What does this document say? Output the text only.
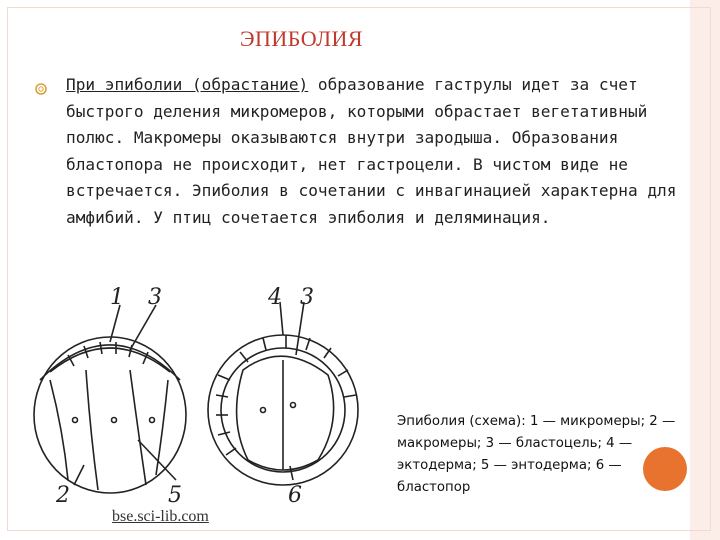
ЭПИБОЛИЯ
При эпиболии (обрастание) образование гаструлы идет за счет быстрого деления микромеров, которыми обрастает вегетативный полюс. Макромеры оказываются внутри зародыша. Образования бластопора не происходит, нет гастроцели. В чистом виде не встречается. Эпиболия в сочетании с инвагинацией характерна для амфибий. У птиц сочетается эпиболия и деляминация.
1 3	4 3
2	5	6
Эпиболия (схема): 1 — микромеры; 2 — макромеры; 3 — бластоцель; 4 — эктодерма; 5 — энтодерма; 6 — бластопор
bse.sci-lib.com
